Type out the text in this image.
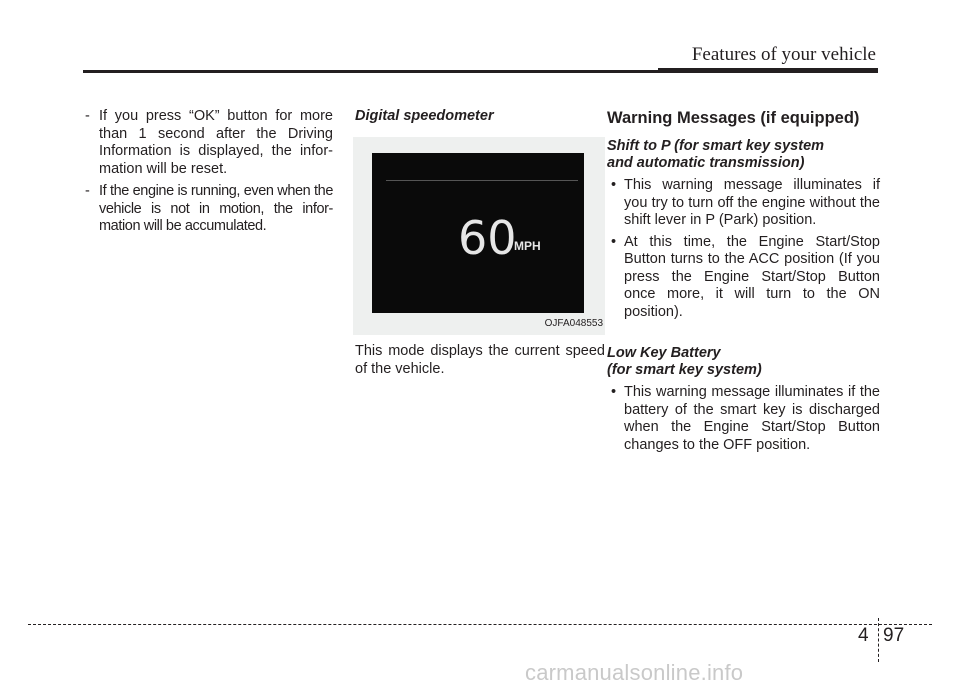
Features of your vehicle
- If you press “OK” button for more than 1 second after the Driving Information is displayed, the infor-mation will be reset.
- If the engine is running, even when the vehicle is not in motion, the infor-mation will be accumulated.

Digital speedometer

60
MPH
OJFA048553

This mode displays the current speed of the vehicle.

Warning Messages (if equipped)

Shift to P (for smart key system
and automatic transmission)

• This warning message illuminates if you try to turn off the engine without the shift lever in P (Park) position.
• At this time, the Engine Start/Stop Button turns to the ACC position (If you press the Engine Start/Stop Button once more, it will turn to the ON position).

Low Key Battery
(for smart key system)

• This warning message illuminates if the battery of the smart key is discharged when the Engine Start/Stop Button changes to the OFF position.
4 97
carmanualsonline.info
